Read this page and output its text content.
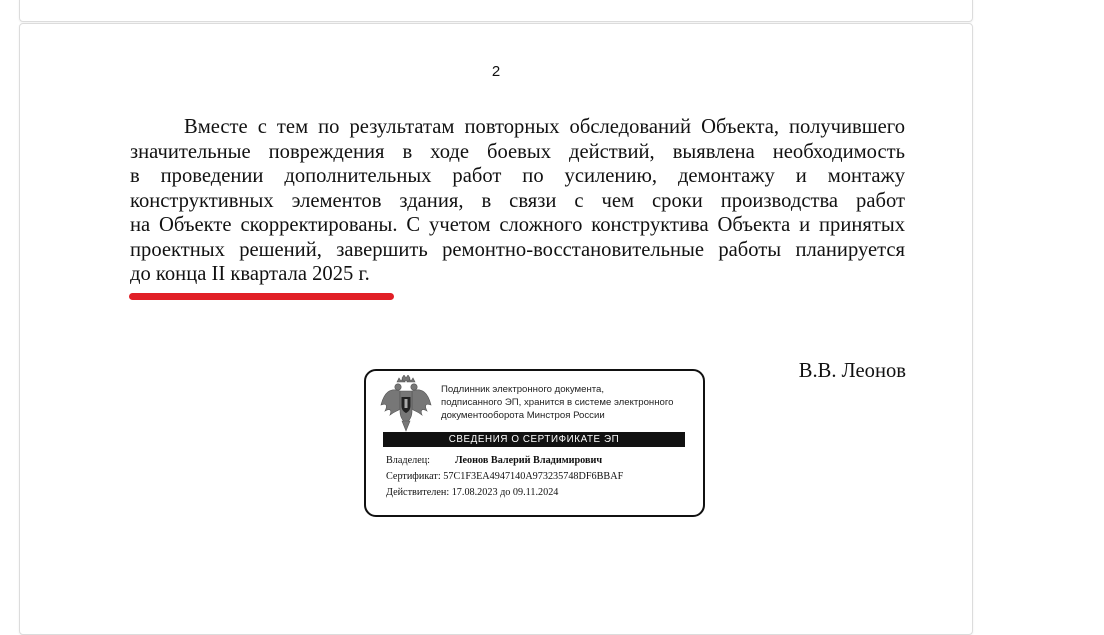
2

Вместе с тем по результатам повторных обследований Объекта, получившего
значительные повреждения в ходе боевых действий, выявлена необходимость
в проведении дополнительных работ по усилению, демонтажу и монтажу
конструктивных элементов здания, в связи с чем сроки производства работ
на Объекте скорректированы. С учетом сложного конструктива Объекта и принятых
проектных решений, завершить ремонтно-восстановительные работы планируется
до конца II квартала 2025 г.

В.В. Леонов
Подлинник электронного документа,
подписанного ЭП, хранится в системе электронного
документооборота Минстроя России
СВЕДЕНИЯ О СЕРТИФИКАТЕ ЭП
Владелец: Леонов Валерий Владимирович
Сертификат: 57C1F3EA4947140A973235748DF6BBAF
Действителен: 17.08.2023 до 09.11.2024
